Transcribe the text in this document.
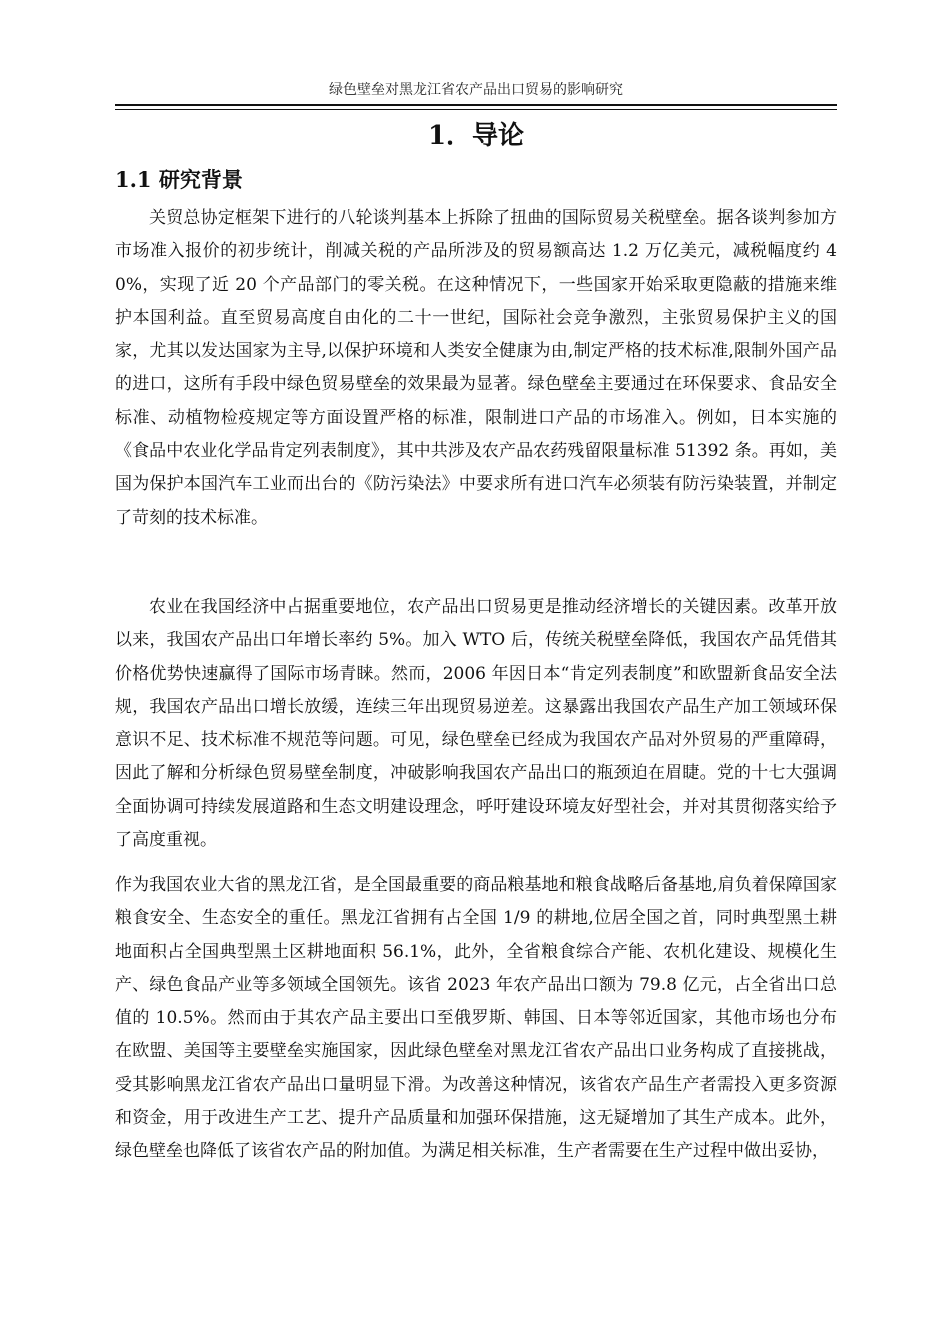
绿色壁垒对黑龙江省农产品出口贸易的影响研究
1．导论
1.1 研究背景

关贸总协定框架下进行的八轮谈判基本上拆除了扭曲的国际贸易关税壁垒。据各谈判参加方市场准入报价的初步统计，削减关税的产品所涉及的贸易额高达 1.2 万亿美元，减税幅度约 40%，实现了近 20 个产品部门的零关税。在这种情况下，一些国家开始采取更隐蔽的措施来维护本国利益。直至贸易高度自由化的二十一世纪，国际社会竞争激烈，主张贸易保护主义的国家，尤其以发达国家为主导,以保护环境和人类安全健康为由,制定严格的技术标准,限制外国产品的进口，这所有手段中绿色贸易壁垒的效果最为显著。绿色壁垒主要通过在环保要求、食品安全标准、动植物检疫规定等方面设置严格的标准，限制进口产品的市场准入。例如，日本实施的《食品中农业化学品肯定列表制度》，其中共涉及农产品农药残留限量标准 51392 条。再如，美国为保护本国汽车工业而出台的《防污染法》中要求所有进口汽车必须装有防污染装置，并制定了苛刻的技术标准。

农业在我国经济中占据重要地位，农产品出口贸易更是推动经济增长的关键因素。改革开放以来，我国农产品出口年增长率约 5%。加入 WTO 后，传统关税壁垒降低，我国农产品凭借其价格优势快速赢得了国际市场青睐。然而，2006 年因日本“肯定列表制度”和欧盟新食品安全法规，我国农产品出口增长放缓，连续三年出现贸易逆差。这暴露出我国农产品生产加工领域环保意识不足、技术标准不规范等问题。可见，绿色壁垒已经成为我国农产品对外贸易的严重障碍，因此了解和分析绿色贸易壁垒制度，冲破影响我国农产品出口的瓶颈迫在眉睫。党的十七大强调全面协调可持续发展道路和生态文明建设理念，呼吁建设环境友好型社会，并对其贯彻落实给予了高度重视。

作为我国农业大省的黑龙江省，是全国最重要的商品粮基地和粮食战略后备基地,肩负着保障国家粮食安全、生态安全的重任。黑龙江省拥有占全国 1/9 的耕地,位居全国之首，同时典型黑土耕地面积占全国典型黑土区耕地面积 56.1%，此外，全省粮食综合产能、农机化建设、规模化生产、绿色食品产业等多领域全国领先。该省 2023 年农产品出口额为 79.8 亿元，占全省出口总值的 10.5%。然而由于其农产品主要出口至俄罗斯、韩国、日本等邻近国家，其他市场也分布在欧盟、美国等主要壁垒实施国家，因此绿色壁垒对黑龙江省农产品出口业务构成了直接挑战，受其影响黑龙江省农产品出口量明显下滑。为改善这种情况，该省农产品生产者需投入更多资源和资金，用于改进生产工艺、提升产品质量和加强环保措施，这无疑增加了其生产成本。此外，绿色壁垒也降低了该省农产品的附加值。为满足相关标准，生产者需要在生产过程中做出妥协，
